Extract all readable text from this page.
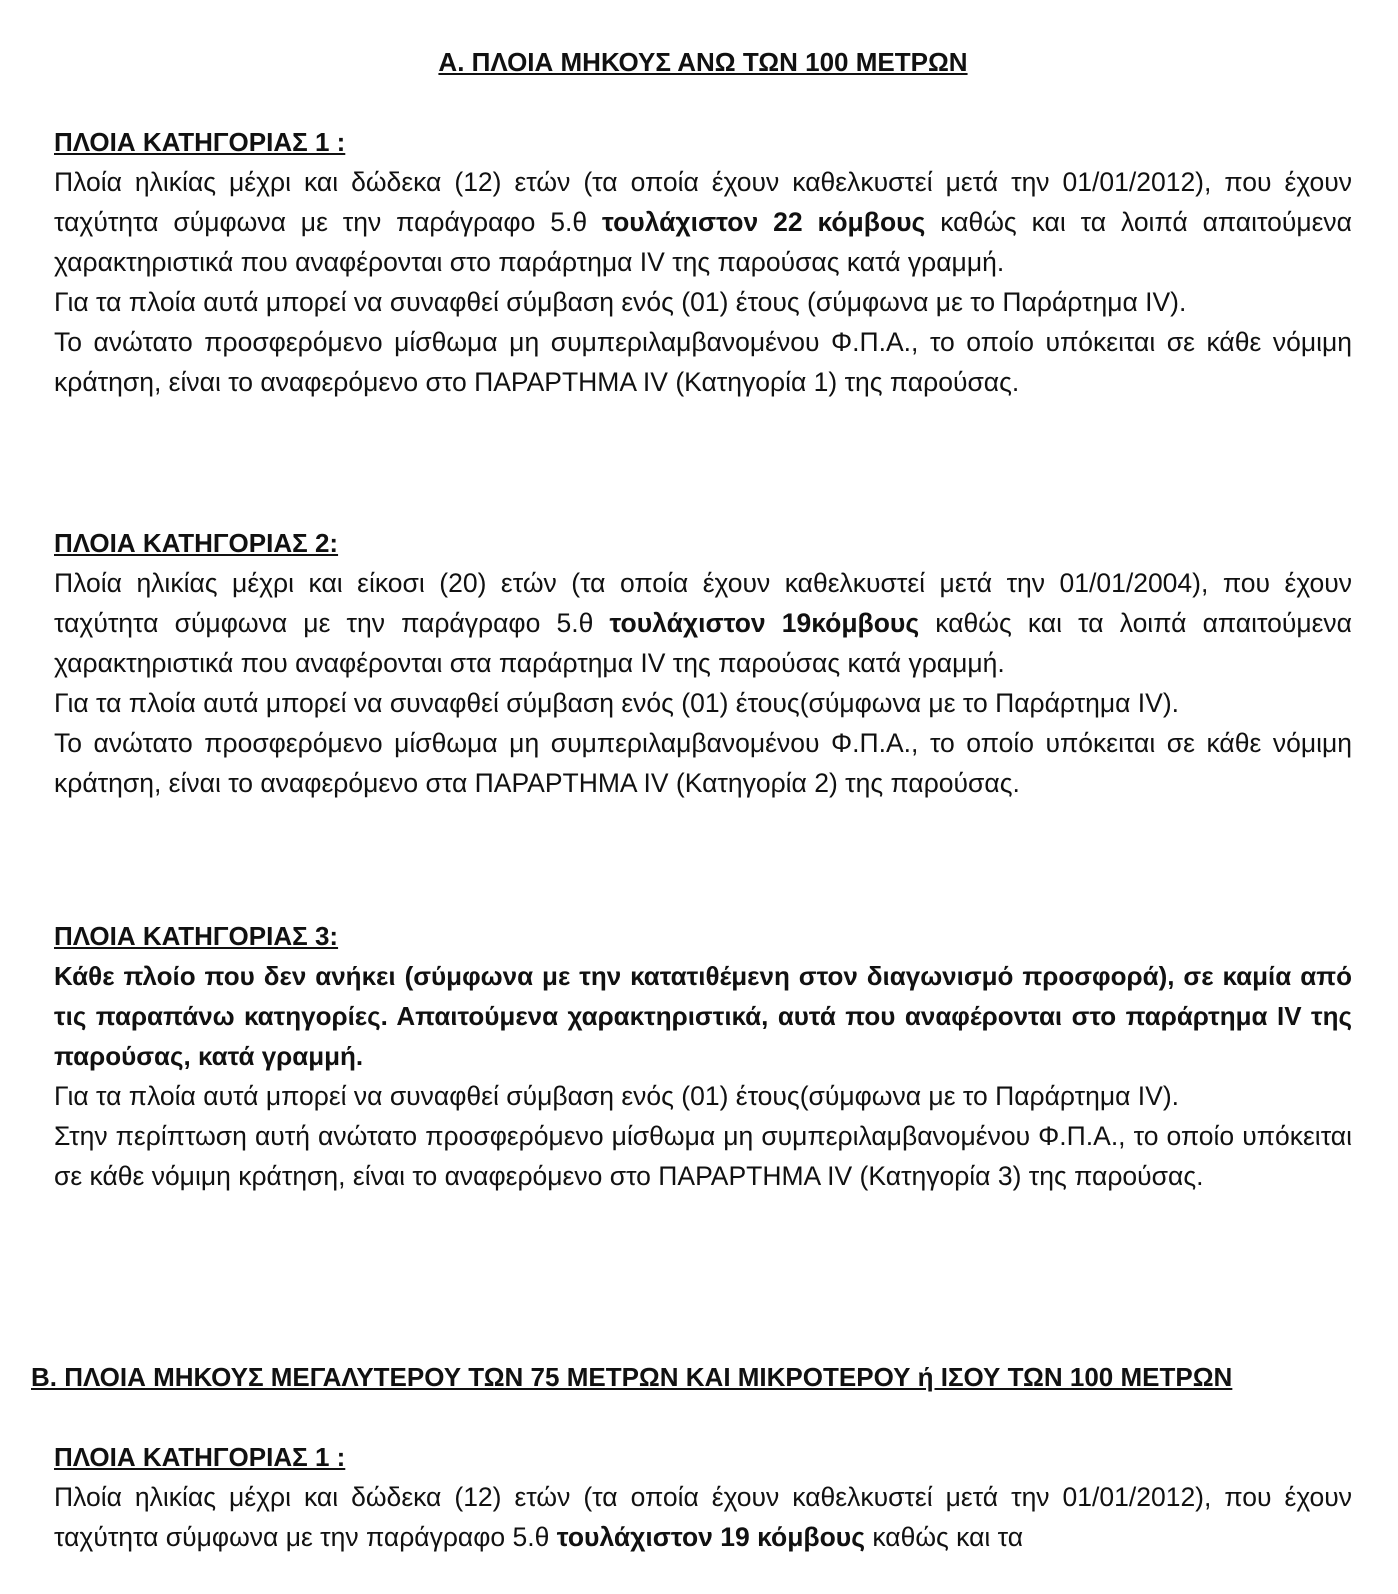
Α. ΠΛΟΙΑ ΜΗΚΟΥΣ ΑΝΩ ΤΩΝ 100 ΜΕΤΡΩΝ
ΠΛΟΙΑ ΚΑΤΗΓΟΡΙΑΣ 1 :
Πλοία ηλικίας μέχρι και δώδεκα (12) ετών (τα οποία έχουν καθελκυστεί μετά την 01/01/2012), που έχουν ταχύτητα σύμφωνα με την παράγραφο 5.θ τουλάχιστον 22 κόμβους καθώς και τα λοιπά απαιτούμενα χαρακτηριστικά που αναφέρονται στο παράρτημα IV της παρούσας κατά γραμμή.
Για τα πλοία αυτά μπορεί να συναφθεί σύμβαση ενός (01) έτους (σύμφωνα με το Παράρτημα IV).
Το ανώτατο προσφερόμενο μίσθωμα μη συμπεριλαμβανομένου Φ.Π.Α., το οποίο υπόκειται σε κάθε νόμιμη κράτηση, είναι το αναφερόμενο στο ΠΑΡΑΡΤΗΜΑ IV (Κατηγορία 1) της παρούσας.
ΠΛΟΙΑ ΚΑΤΗΓΟΡΙΑΣ 2:
Πλοία ηλικίας μέχρι και είκοσι (20) ετών (τα οποία έχουν καθελκυστεί μετά την 01/01/2004), που έχουν ταχύτητα σύμφωνα με την παράγραφο 5.θ τουλάχιστον 19κόμβους καθώς και τα λοιπά απαιτούμενα χαρακτηριστικά που αναφέρονται στα παράρτημα IV της παρούσας κατά γραμμή.
Για τα πλοία αυτά μπορεί να συναφθεί σύμβαση ενός (01) έτους(σύμφωνα με το Παράρτημα IV).
Το ανώτατο προσφερόμενο μίσθωμα μη συμπεριλαμβανομένου Φ.Π.Α., το οποίο υπόκειται σε κάθε νόμιμη κράτηση, είναι το αναφερόμενο στα ΠΑΡΑΡΤΗΜΑ IV (Κατηγορία 2) της παρούσας.
ΠΛΟΙΑ ΚΑΤΗΓΟΡΙΑΣ 3:
Κάθε πλοίο που δεν ανήκει (σύμφωνα με την κατατιθέμενη στον διαγωνισμό προσφορά), σε καμία από τις παραπάνω κατηγορίες. Απαιτούμενα χαρακτηριστικά, αυτά που αναφέρονται στο παράρτημα IV της παρούσας, κατά γραμμή.
Για τα πλοία αυτά μπορεί να συναφθεί σύμβαση ενός (01) έτους(σύμφωνα με το Παράρτημα IV).
Στην περίπτωση αυτή ανώτατο προσφερόμενο μίσθωμα μη συμπεριλαμβανομένου Φ.Π.Α., το οποίο υπόκειται σε κάθε νόμιμη κράτηση, είναι το αναφερόμενο στο ΠΑΡΑΡΤΗΜΑ IV (Κατηγορία 3) της παρούσας.
Β. ΠΛΟΙΑ ΜΗΚΟΥΣ ΜΕΓΑΛΥΤΕΡΟΥ ΤΩΝ 75 ΜΕΤΡΩΝ ΚΑΙ ΜΙΚΡΟΤΕΡΟΥ ή ΙΣΟΥ ΤΩΝ 100 ΜΕΤΡΩΝ
ΠΛΟΙΑ ΚΑΤΗΓΟΡΙΑΣ 1 :
Πλοία ηλικίας μέχρι και δώδεκα (12) ετών (τα οποία έχουν καθελκυστεί μετά την 01/01/2012), που έχουν ταχύτητα σύμφωνα με την παράγραφο 5.θ τουλάχιστον 19 κόμβους καθώς και τα
